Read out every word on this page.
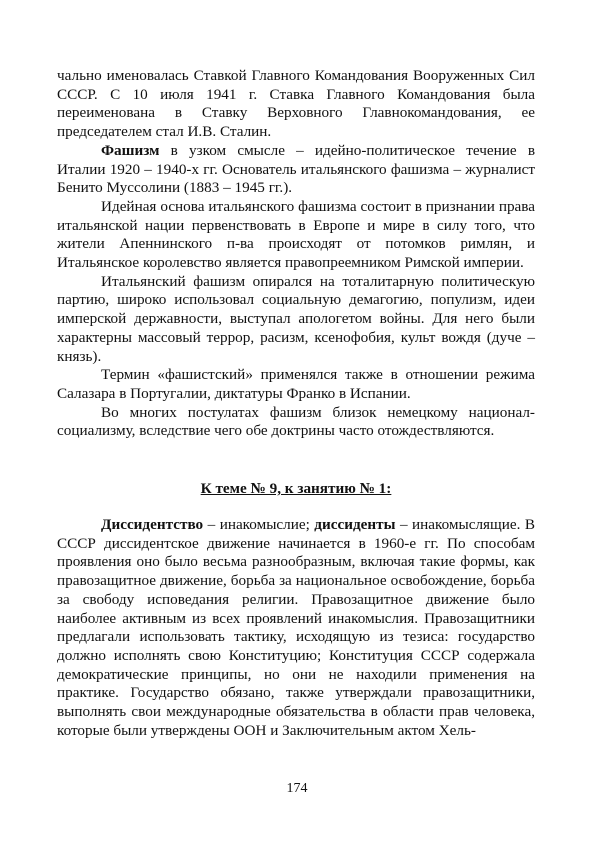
чально именовалась Ставкой Главного Командования Вооруженных Сил СССР. С 10 июля 1941 г. Ставка Главного Командования была переименована в Ставку Верховного Главнокомандования, ее председателем стал И.В. Сталин.

Фашизм в узком смысле – идейно-политическое течение в Италии 1920 – 1940-х гг. Основатель итальянского фашизма – журналист Бенито Муссолини (1883 – 1945 гг.).

Идейная основа итальянского фашизма состоит в признании права итальянской нации первенствовать в Европе и мире в силу того, что жители Апеннинского п-ва происходят от потомков римлян, и Итальянское королевство является правопреемником Римской империи.

Итальянский фашизм опирался на тоталитарную политическую партию, широко использовал социальную демагогию, популизм, идеи имперской державности, выступал апологетом войны. Для него были характерны массовый террор, расизм, ксенофобия, культ вождя (дуче – князь).

Термин «фашистский» применялся также в отношении режима Салазара в Португалии, диктатуры Франко в Испании.

Во многих постулатах фашизм близок немецкому национал-социализму, вследствие чего обе доктрины часто отождествляются.

К теме № 9, к занятию № 1:

Диссидентство – инакомыслие; диссиденты – инакомыслящие. В СССР диссидентское движение начинается в 1960-е гг. По способам проявления оно было весьма разнообразным, включая такие формы, как правозащитное движение, борьба за национальное освобождение, борьба за свободу исповедания религии. Правозащитное движение было наиболее активным из всех проявлений инакомыслия. Правозащитники предлагали использовать тактику, исходящую из тезиса: государство должно исполнять свою Конституцию; Конституция СССР содержала демократические принципы, но они не находили применения на практике. Государство обязано, также утверждали правозащитники, выполнять свои международные обязательства в области прав человека, которые были утверждены ООН и Заключительным актом Хель-

174
